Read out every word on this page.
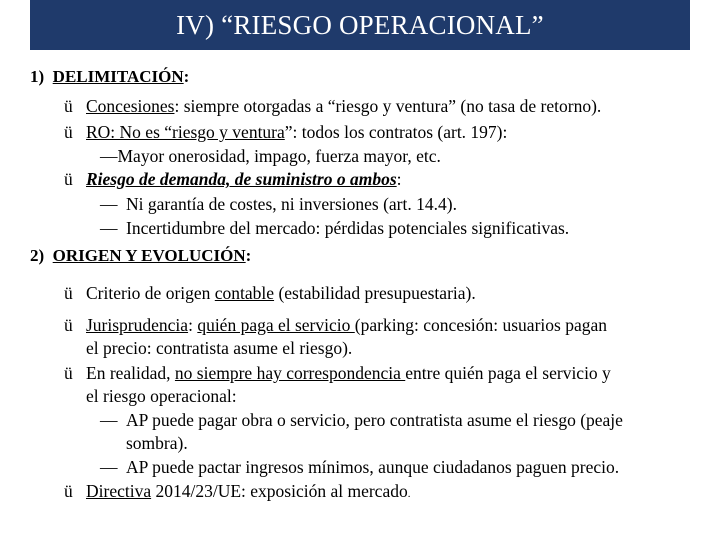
IV) “RIESGO OPERACIONAL”
1) DELIMITACIÓN:
ü Concesiones: siempre otorgadas a “riesgo y ventura” (no tasa de retorno).
ü RO: No es “riesgo y ventura”: todos los contratos (art. 197):
—Mayor onerosidad, impago, fuerza mayor, etc.
ü Riesgo de demanda, de suministro o ambos:
— Ni garantía de costes, ni inversiones (art. 14.4).
— Incertidumbre del mercado: pérdidas potenciales significativas.
2) ORIGEN Y EVOLUCIÓN:
ü Criterio de origen contable (estabilidad presupuestaria).
ü Jurisprudencia: quién paga el servicio (parking: concesión: usuarios pagan
el precio: contratista asume el riesgo).
ü En realidad, no siempre hay correspondencia entre quién paga el servicio y
el riesgo operacional:
— AP puede pagar obra o servicio, pero contratista asume el riesgo (peaje
sombra).
— AP puede pactar ingresos mínimos, aunque ciudadanos paguen precio.
ü Directiva 2014/23/UE: exposición al mercado.
